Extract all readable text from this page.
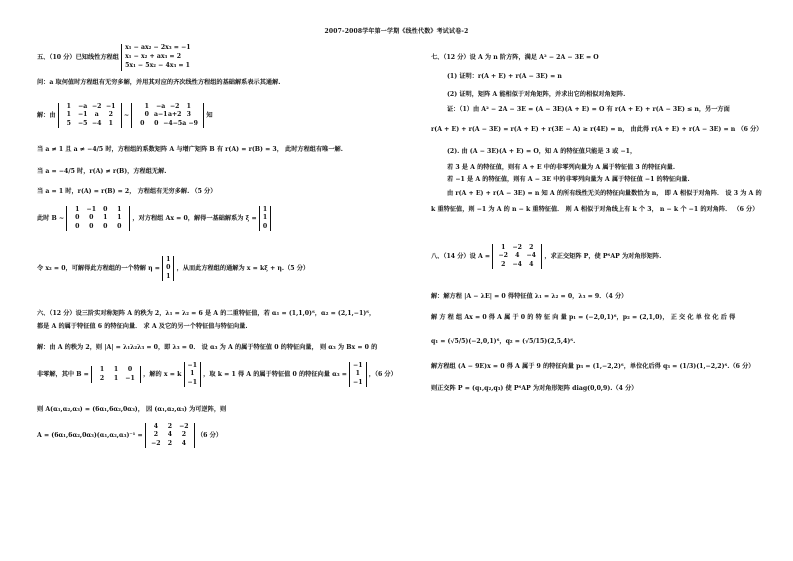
2007-2008学年第一学期《线性代数》考试试卷-2
五、（10 分）已知线性方程组
x₁ − ax₂ − 2x₃ = −1
x₁ − x₂ + ax₃ = 2
5x₁ − 5x₂ − 4x₃ = 1
问：a 取何值时方程组有无穷多解，并用其对应的齐次线性方程组的基础解系表示其通解.
解：由
1 −a −2 −1
1 −1 a 2
5 −5 −4 1
~
1 −a −2 1
0 a−1a+2 3
0 0 −4−5a −9
知
当 a ≠ 1 且 a ≠ −4/5 时，方程组的系数矩阵 A 与增广矩阵 B 有 r(A) = r(B) = 3， 此时方程组有唯一解.
当 a = −4/5 时，r(A) ≠ r(B)，方程组无解.
当 a = 1 时，r(A) = r(B) = 2， 方程组有无穷多解. （5 分）
此时 B ~
1 −1 0 1
0 0 1 1
0 0 0 0
，对方程组 Ax = 0，解得一基础解系为 ξ =
1
1
0
令 x₂ = 0，可解得此方程组的一个特解 η =
1
0
1
，从而此方程组的通解为 x = kξ + η.（5 分）
六、（12 分）设三阶实对称矩阵 A 的秩为 2，λ₁ = λ₂ = 6 是 A 的二重特征值，若 α₁ = (1,1,0)ᵀ，α₂ = (2,1,−1)ᵀ，
都是 A 的属于特征值 6 的特征向量． 求 A 及它的另一个特征值与特征向量.
解：由 A 的秩为 2，则 |A| = λ₁λ₂λ₃ = 0，即 λ₃ = 0． 设 α₃ 为 A 的属于特征值 0 的特征向量， 则 α₃ 为 Bx = 0 的
非零解，其中 B =
1 1 0
2 1 −1	，解的 x = k
−1
1
−1
，取 k = 1 得 A 的属于特征值 0 的特征向量 α₃ =
−1
1
−1
，（6 分）
则 A(α₁,α₂,α₃) = (6α₁,6α₂,0α₃)， 因 (α₁,α₂,α₃) 为可逆阵，则
A = (6α₁,6α₂,0α₃)(α₁,α₂,α₃)⁻¹ =
4 2 −2
2 4 2
−2 2 4
（6 分）
七、（12 分）设 A 为 n 阶方阵，满足 A² − 2A − 3E = O
(1) 证明：r(A + E) + r(A − 3E) = n
(2) 证明，矩阵 A 能相似于对角矩阵，并求出它的相似对角矩阵.
证：（1）由 A² − 2A − 3E = (A − 3E)(A + E) = O 有 r(A + E) + r(A − 3E) ≤ n，另一方面
r(A + E) + r(A − 3E) = r(A + E) + r(3E − A) ≥ r(4E) = n， 由此得 r(A + E) + r(A − 3E) = n （6 分）
(2). 由 (A − 3E)(A + E) = O，知 A 的特征值只能是 3 或 −1，
若 3 是 A 的特征值，则有 A + E 中的非零列向量为 A 属于特征值 3 的特征向量.
若 −1 是 A 的特征值，则有 A − 3E 中的非零列向量为 A 属于特征值 −1 的特征向量.
由 r(A + E) + r(A − 3E) = n 知 A 的所有线性无关的特征向量数恰为 n， 即 A 相似于对角阵． 设 3 为 A 的
k 重特征值，则 −1 为 A 的 n − k 重特征值． 则 A 相似于对角线上有 k 个 3， n − k 个 −1 的对角阵． （6 分）
八、（14 分）设 A =
1 −2 2
−2 4 −4
2 −4 4
，求正交矩阵 P，使 PᵀAP 为对角形矩阵.
解：解方程 |A − λE| = 0 得特征值 λ₁ = λ₂ = 0，λ₃ = 9．（4 分）
解 方 程 组 Ax = 0 得 A 属 于 0 的 特 征 向 量 p₁ = (−2,0,1)ᵀ，p₂ = (2,1,0)， 正 交 化 单 位 化 后 得
q₁ = (√5/5)(−2,0,1)ᵀ，q₂ = (√5/15)(2,5,4)ᵀ.
解方程组 (A − 9E)x = 0 得 A 属于 9 的特征向量 p₃ = (1,−2,2)ᵀ，单位化后得 q₃ = (1/3)(1,−2,2)ᵀ.（6 分）
则正交阵 P = (q₁,q₂,q₃) 使 PᵀAP 为对角形矩阵 diag(0,0,9).（4 分）
